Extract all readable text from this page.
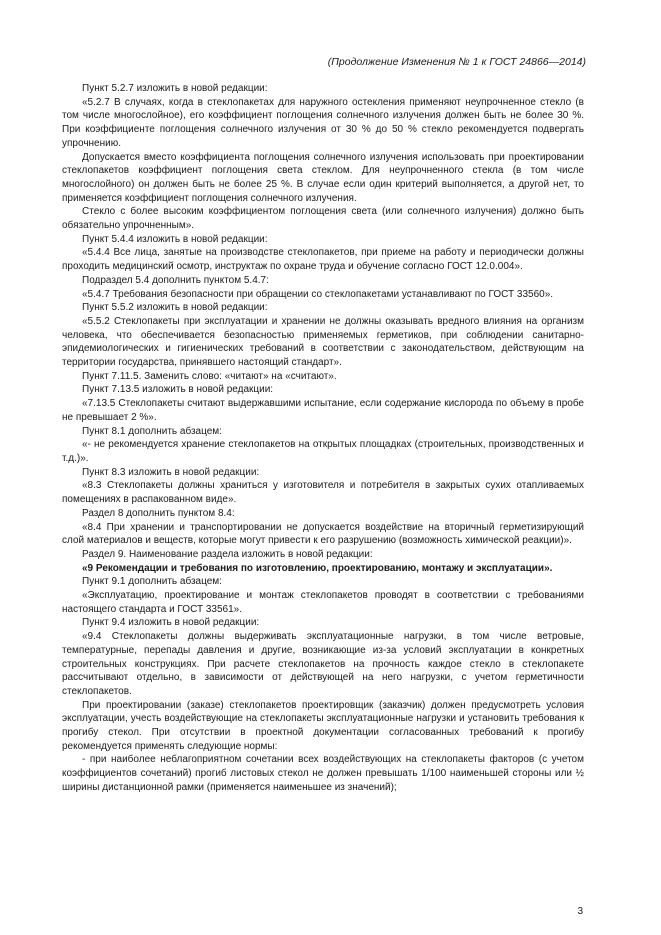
(Продолжение Изменения № 1 к ГОСТ 24866—2014)

Пункт 5.2.7 изложить в новой редакции:

«5.2.7 В случаях, когда в стеклопакетах для наружного остекления применяют неупрочненное стекло (в том числе многослойное), его коэффициент поглощения солнечного излучения должен быть не более 30 %. При коэффициенте поглощения солнечного излучения от 30 % до 50 % стекло рекомендуется подвергать упрочнению.

Допускается вместо коэффициента поглощения солнечного излучения использовать при проектировании стеклопакетов коэффициент поглощения света стеклом. Для неупрочненного стекла (в том числе многослойного) он должен быть не более 25 %. В случае если один критерий выполняется, а другой нет, то применяется коэффициент поглощения солнечного излучения.

Стекло с более высоким коэффициентом поглощения света (или солнечного излучения) должно быть обязательно упрочненным».

Пункт 5.4.4 изложить в новой редакции:

«5.4.4 Все лица, занятые на производстве стеклопакетов, при приеме на работу и периодически должны проходить медицинский осмотр, инструктаж по охране труда и обучение согласно ГОСТ 12.0.004».

Подраздел 5.4 дополнить пунктом 5.4.7:

«5.4.7 Требования безопасности при обращении со стеклопакетами устанавливают по ГОСТ 33560».

Пункт 5.5.2 изложить в новой редакции:

«5.5.2 Стеклопакеты при эксплуатации и хранении не должны оказывать вредного влияния на организм человека, что обеспечивается безопасностью применяемых герметиков, при соблюдении санитарно-эпидемиологических и гигиенических требований в соответствии с законодательством, действующим на территории государства, принявшего настоящий стандарт».

Пункт 7.11.5. Заменить слово: «читают» на «считают».

Пункт 7.13.5 изложить в новой редакции:

«7.13.5 Стеклопакеты считают выдержавшими испытание, если содержание кислорода по объему в пробе не превышает 2 %».

Пункт 8.1 дополнить абзацем:

«- не рекомендуется хранение стеклопакетов на открытых площадках (строительных, производственных и т.д.)».

Пункт 8.3 изложить в новой редакции:

«8.3 Стеклопакеты должны храниться у изготовителя и потребителя в закрытых сухих отапливаемых помещениях в распакованном виде».

Раздел 8 дополнить пунктом 8.4:

«8.4 При хранении и транспортировании не допускается воздействие на вторичный герметизирующий слой материалов и веществ, которые могут привести к его разрушению (возможность химической реакции)».

Раздел 9. Наименование раздела изложить в новой редакции:

«9 Рекомендации и требования по изготовлению, проектированию, монтажу и эксплуатации».

Пункт 9.1 дополнить абзацем:

«Эксплуатацию, проектирование и монтаж стеклопакетов проводят в соответствии с требованиями настоящего стандарта и ГОСТ 33561».

Пункт 9.4 изложить в новой редакции:

«9.4 Стеклопакеты должны выдерживать эксплуатационные нагрузки, в том числе ветровые, температурные, перепады давления и другие, возникающие из-за условий эксплуатации в конкретных строительных конструкциях. При расчете стеклопакетов на прочность каждое стекло в стеклопакете рассчитывают отдельно, в зависимости от действующей на него нагрузки, с учетом герметичности стеклопакетов.

При проектировании (заказе) стеклопакетов проектировщик (заказчик) должен предусмотреть условия эксплуатации, учесть воздействующие на стеклопакеты эксплуатационные нагрузки и установить требования к прогибу стекол. При отсутствии в проектной документации согласованных требований к прогибу рекомендуется применять следующие нормы:

- при наиболее неблагоприятном сочетании всех воздействующих на стеклопакеты факторов (с учетом коэффициентов сочетаний) прогиб листовых стекол не должен превышать 1/100 наименьшей стороны или ½ ширины дистанционной рамки (применяется наименьшее из значений);

3
